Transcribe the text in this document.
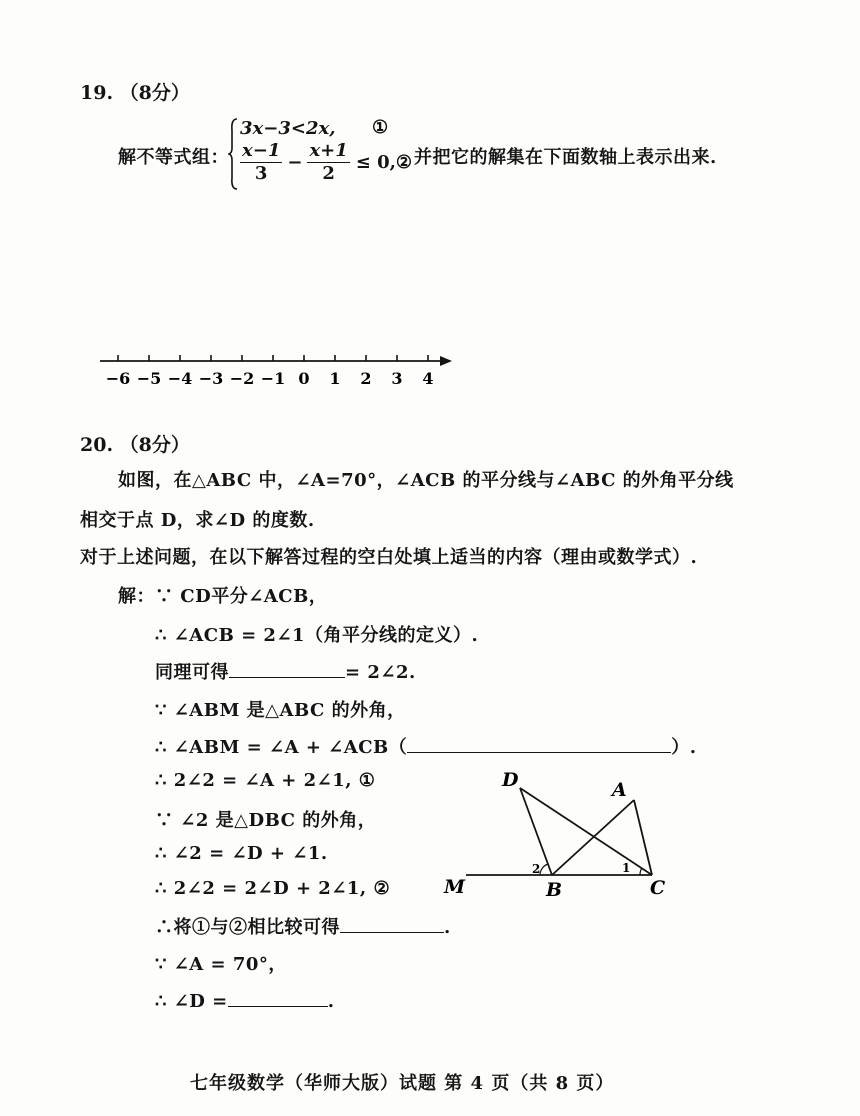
19. （8分）
解不等式组：
3x−3<2x, ①
$\frac{x-1}{3} - \frac{x+1}{2}$ ≤ 0,② 并把它的解集在下面数轴上表示出来.
−6 −5 −4 −3 −2 −1 0 1 2 3 4
20. （8分）
如图，在△ABC 中，∠A=70°，∠ACB 的平分线与∠ABC 的外角平分线
相交于点 D，求∠D 的度数.
对于上述问题，在以下解答过程的空白处填上适当的内容（理由或数学式）.
解：∵ CD平分∠ACB，
∴ ∠ACB = 2∠1（角平分线的定义）.
同理可得	= 2∠2.
∵ ∠ABM 是△ABC 的外角，
∴ ∠ABM = ∠A + ∠ACB（	）.
∴ 2∠2 = ∠A + 2∠1, ①
∵ ∠2 是△DBC 的外角，
∴ ∠2 = ∠D + ∠1.
∴ 2∠2 = 2∠D + 2∠1, ②
∴将①与②相比较可得	.
∵ ∠A = 70°，
∴ ∠D =	.
D	A
M	B	C
2	1
七年级数学（华师大版）试题 第 4 页（共 8 页）
